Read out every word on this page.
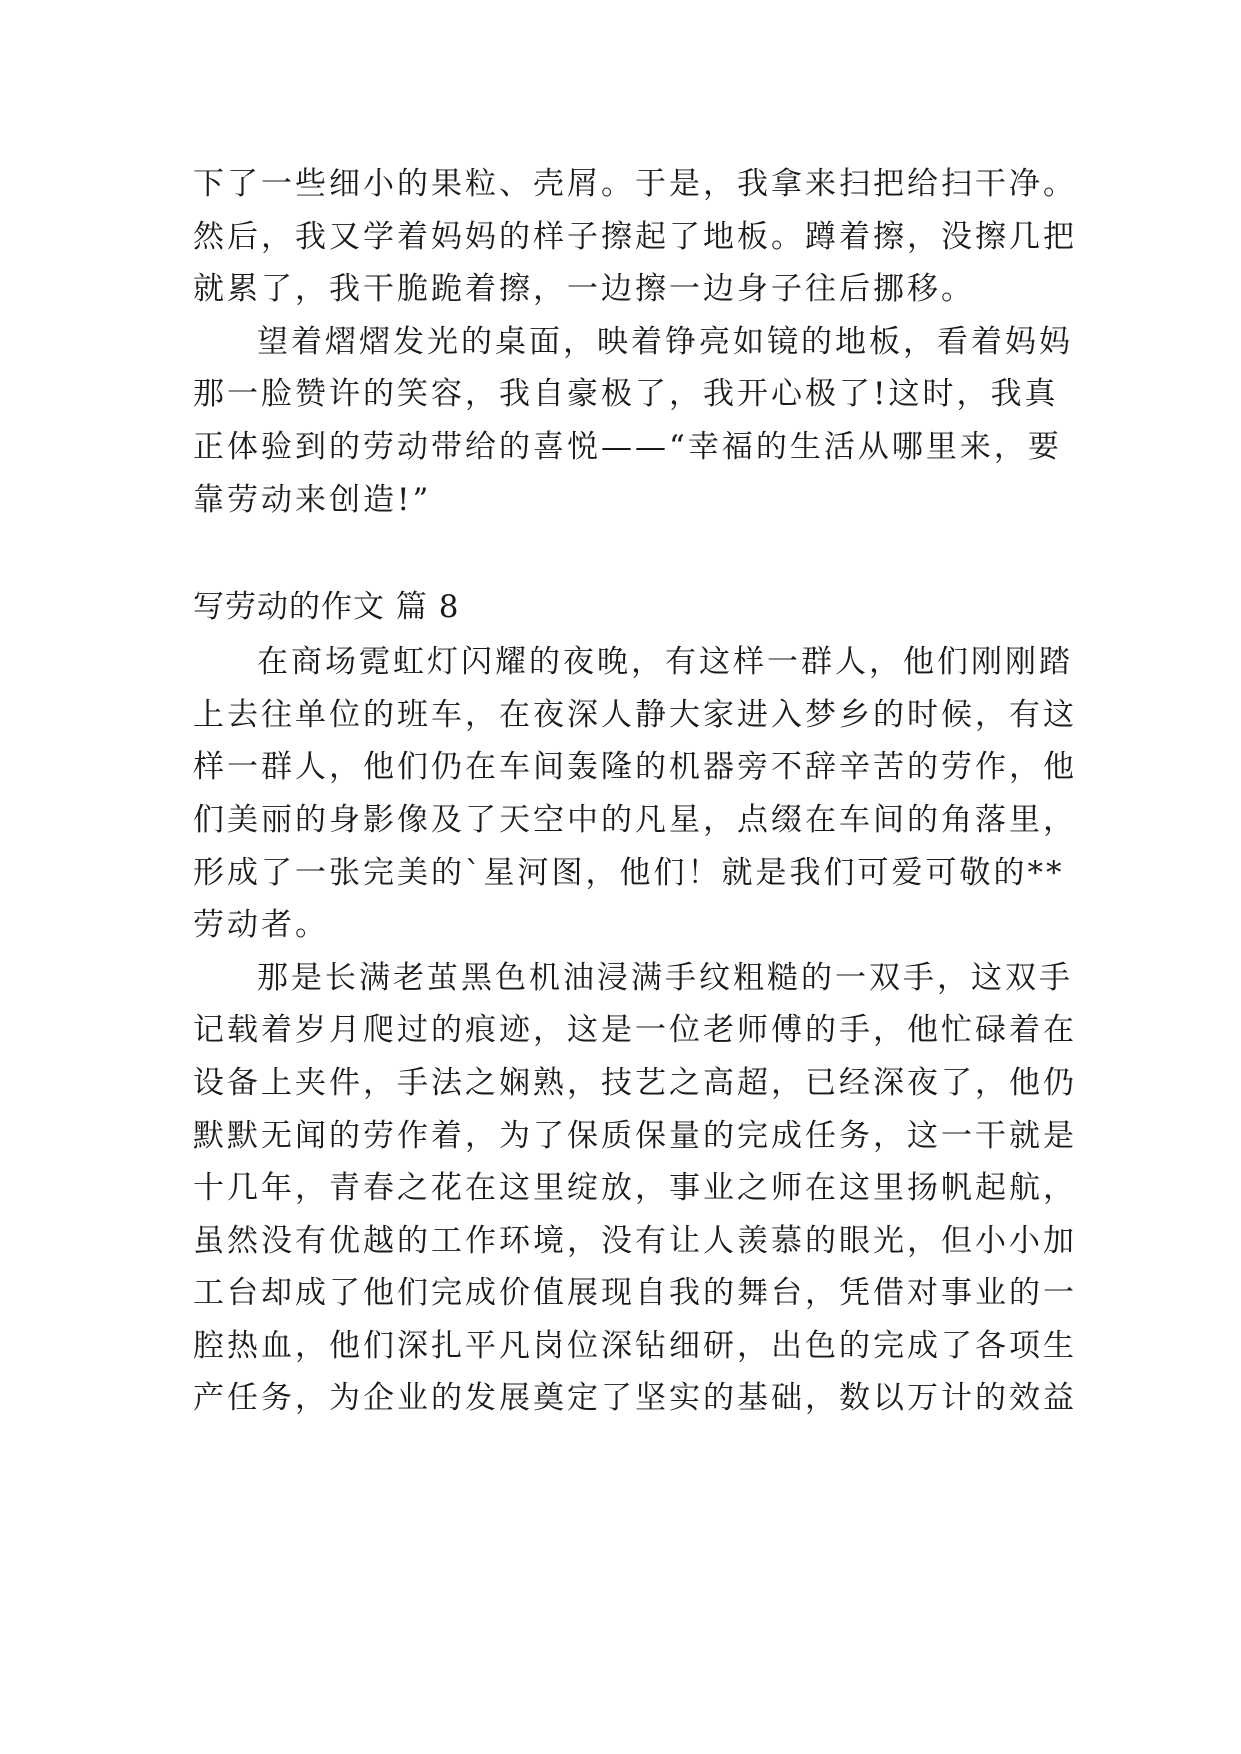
下了一些细小的果粒、壳屑。于是，我拿来扫把给扫干净。
然后，我又学着妈妈的样子擦起了地板。蹲着擦，没擦几把
就累了，我干脆跪着擦，一边擦一边身子往后挪移。
望着熠熠发光的桌面，映着铮亮如镜的地板，看着妈妈
那一脸赞许的笑容，我自豪极了，我开心极了!这时，我真
正体验到的劳动带给的喜悦——“幸福的生活从哪里来，要
靠劳动来创造!”
写劳动的作文 篇 8
在商场霓虹灯闪耀的夜晚，有这样一群人，他们刚刚踏
上去往单位的班车，在夜深人静大家进入梦乡的时候，有这
样一群人，他们仍在车间轰隆的机器旁不辞辛苦的劳作，他
们美丽的身影像及了天空中的凡星，点缀在车间的角落里，
形成了一张完美的`星河图，他们！就是我们可爱可敬的**
劳动者。
那是长满老茧黑色机油浸满手纹粗糙的一双手，这双手
记载着岁月爬过的痕迹，这是一位老师傅的手，他忙碌着在
设备上夹件，手法之娴熟，技艺之高超，已经深夜了，他仍
默默无闻的劳作着，为了保质保量的完成任务，这一干就是
十几年，青春之花在这里绽放，事业之师在这里扬帆起航，
虽然没有优越的工作环境，没有让人羡慕的眼光，但小小加
工台却成了他们完成价值展现自我的舞台，凭借对事业的一
腔热血，他们深扎平凡岗位深钻细研，出色的完成了各项生
产任务，为企业的发展奠定了坚实的基础，数以万计的效益
